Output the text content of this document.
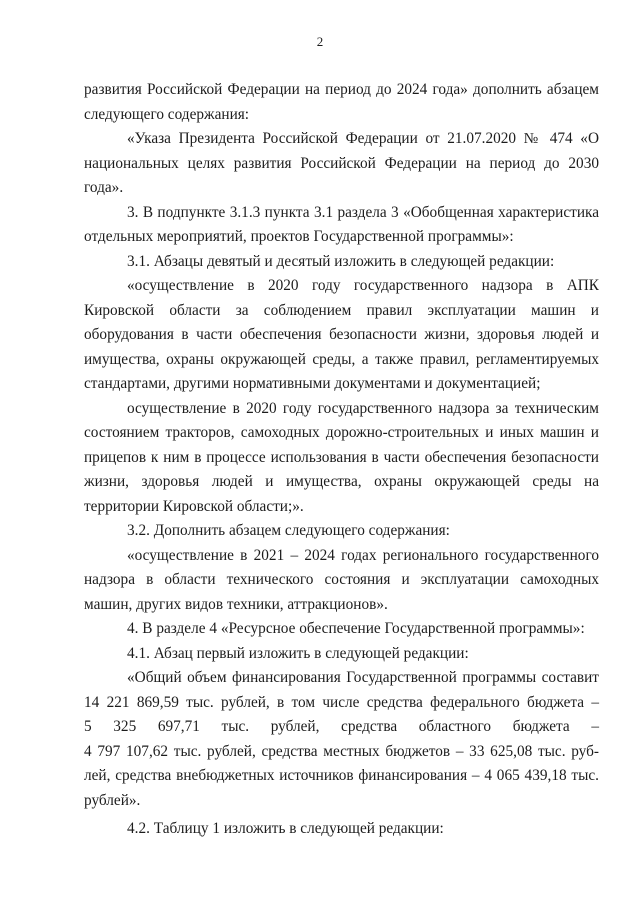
2

развития Российской Федерации на период до 2024 года» дополнить абзацем следующего содержания:

«Указа Президента Российской Федерации от 21.07.2020 № 474 «О национальных целях развития Российской Федерации на период до 2030 года».

3. В подпункте 3.1.3 пункта 3.1 раздела 3 «Обобщенная характеристика отдельных мероприятий, проектов Государственной программы»:

3.1. Абзацы девятый и десятый изложить в следующей редакции:

«осуществление в 2020 году государственного надзора в АПК Кировской области за соблюдением правил эксплуатации машин и оборудования в части обеспечения безопасности жизни, здоровья людей и имущества, охраны окружающей среды, а также правил, регламентируемых стандартами, другими нормативными документами и документацией;

осуществление в 2020 году государственного надзора за техническим состоянием тракторов, самоходных дорожно-строительных и иных машин и прицепов к ним в процессе использования в части обеспечения безопасности жизни, здоровья людей и имущества, охраны окружающей среды на территории Кировской области;».

3.2. Дополнить абзацем следующего содержания:

«осуществление в 2021 – 2024 годах регионального государственного надзора в области технического состояния и эксплуатации самоходных машин, других видов техники, аттракционов».

4. В разделе 4 «Ресурсное обеспечение Государственной программы»:

4.1. Абзац первый изложить в следующей редакции:

«Общий объем финансирования Государственной программы составит
14 221 869,59 тыс. рублей, в том числе средства федерального бюджета –
5 325 697,71 тыс. рублей, средства областного бюджета –
4 797 107,62 тыс. рублей, средства местных бюджетов – 33 625,08 тыс. руб-
лей, средства внебюджетных источников финансирования – 4 065 439,18 тыс.
рублей».

4.2. Таблицу 1 изложить в следующей редакции:
